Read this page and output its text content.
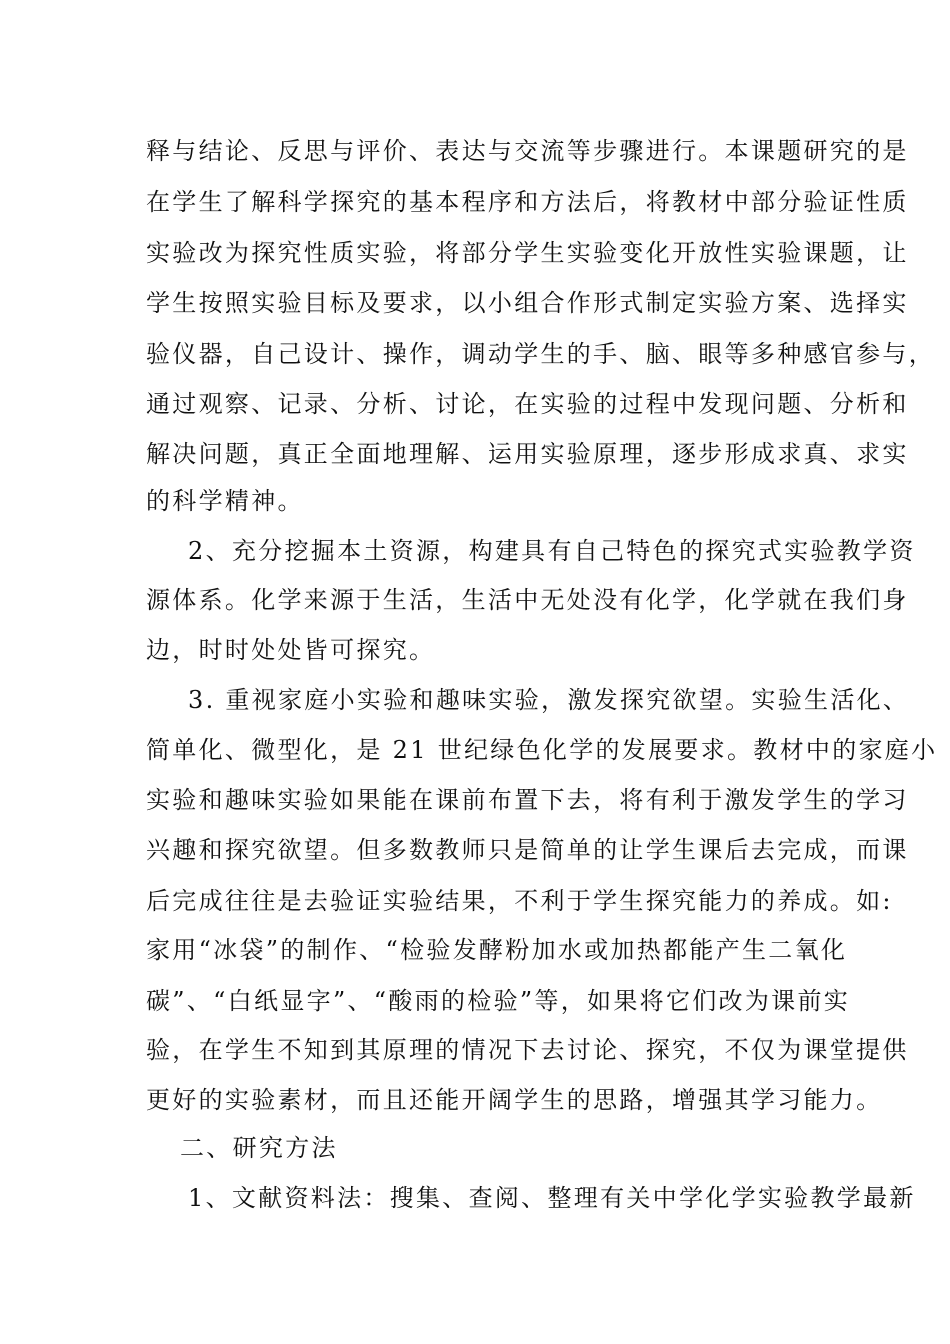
释与结论、反思与评价、表达与交流等步骤进行。本课题研究的是
在学生了解科学探究的基本程序和方法后，将教材中部分验证性质
实验改为探究性质实验，将部分学生实验变化开放性实验课题，让
学生按照实验目标及要求，以小组合作形式制定实验方案、选择实
验仪器，自己设计、操作，调动学生的手、脑、眼等多种感官参与，
通过观察、记录、分析、讨论，在实验的过程中发现问题、分析和
解决问题，真正全面地理解、运用实验原理，逐步形成求真、求实
的科学精神。
2、充分挖掘本土资源，构建具有自己特色的探究式实验教学资
源体系。化学来源于生活，生活中无处没有化学，化学就在我们身
边，时时处处皆可探究。
3. 重视家庭小实验和趣味实验，激发探究欲望。实验生活化、
简单化、微型化，是 21 世纪绿色化学的发展要求。教材中的家庭小
实验和趣味实验如果能在课前布置下去，将有利于激发学生的学习
兴趣和探究欲望。但多数教师只是简单的让学生课后去完成，而课
后完成往往是去验证实验结果，不利于学生探究能力的养成。如:
家用“冰袋”的制作、“检验发酵粉加水或加热都能产生二氧化
碳”、“白纸显字”、“酸雨的检验”等，如果将它们改为课前实
验，在学生不知到其原理的情况下去讨论、探究，不仅为课堂提供
更好的实验素材，而且还能开阔学生的思路，增强其学习能力。
二、研究方法
1、文献资料法：搜集、查阅、整理有关中学化学实验教学最新
